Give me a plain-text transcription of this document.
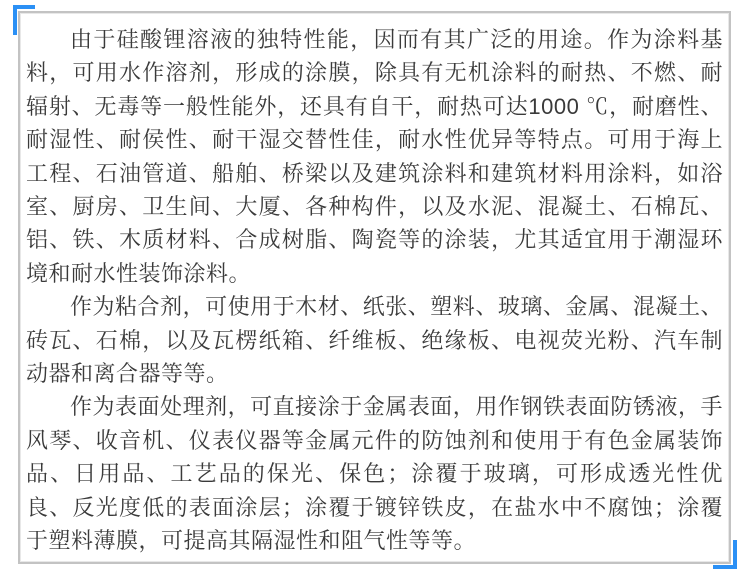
由于硅酸锂溶液的独特性能，因而有其广泛的用途。作为涂料基料，可用水作溶剂，形成的涂膜，除具有无机涂料的耐热、不燃、耐辐射、无毒等一般性能外，还具有自干，耐热可达1000 ℃，耐磨性、耐湿性、耐侯性、耐干湿交替性佳，耐水性优异等特点。可用于海上工程、石油管道、船舶、桥梁以及建筑涂料和建筑材料用涂料，如浴室、厨房、卫生间、大厦、各种构件，以及水泥、混凝土、石棉瓦、铝、铁、木质材料、合成树脂、陶瓷等的涂装，尤其适宜用于潮湿环境和耐水性装饰涂料。

作为粘合剂，可使用于木材、纸张、塑料、玻璃、金属、混凝土、砖瓦、石棉，以及瓦楞纸箱、纤维板、绝缘板、电视荧光粉、汽车制动器和离合器等等。

作为表面处理剂，可直接涂于金属表面，用作钢铁表面防锈液，手风琴、收音机、仪表仪器等金属元件的防蚀剂和使用于有色金属装饰品、日用品、工艺品的保光、保色；涂覆于玻璃，可形成透光性优良、反光度低的表面涂层；涂覆于镀锌铁皮，在盐水中不腐蚀；涂覆于塑料薄膜，可提高其隔湿性和阻气性等等。
